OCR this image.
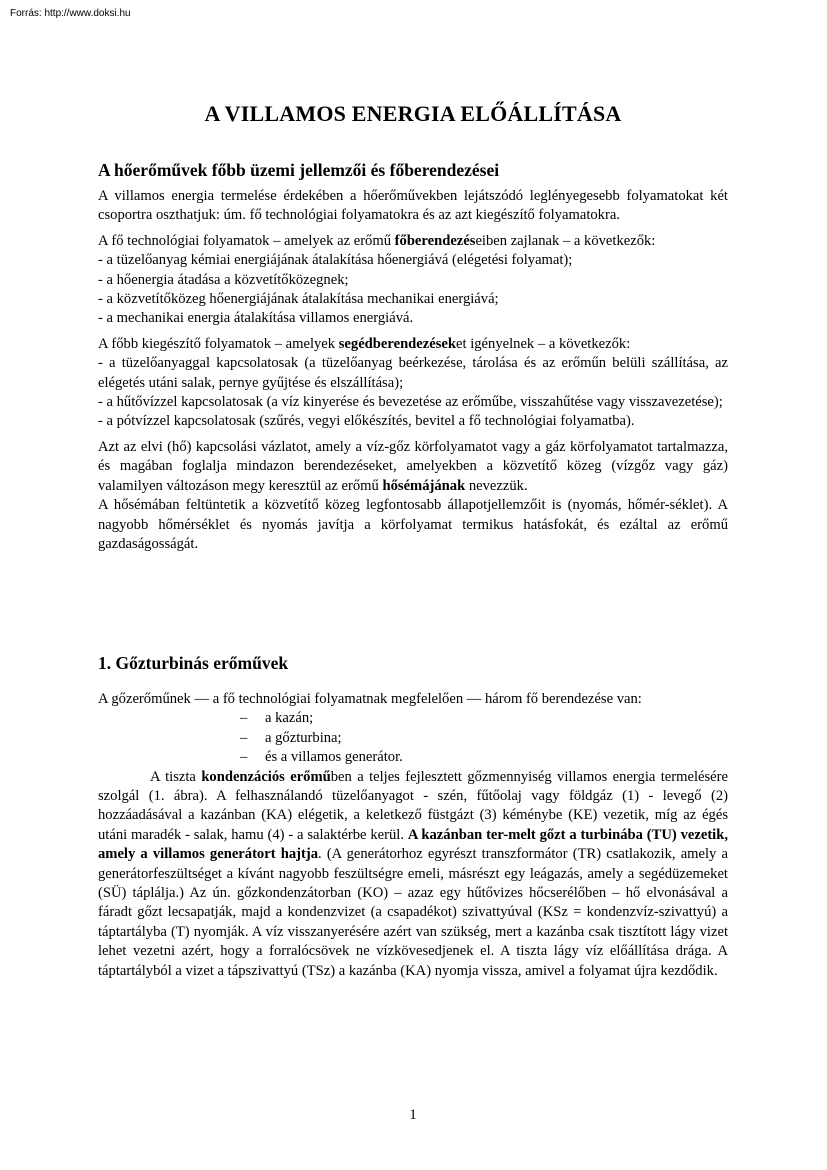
Forrás: http://www.doksi.hu
A VILLAMOS ENERGIA ELŐÁLLÍTÁSA
A hőerőművek főbb üzemi jellemzői és főberendezései

A villamos energia termelése érdekében a hőerőművekben lejátszódó leglényegesebb folyamatokat két csoportra oszthatjuk: úm. fő technológiai folyamatokra és az azt kiegészítő folyamatokra.

A fő technológiai folyamatok – amelyek az erőmű főberendezéseiben zajlanak – a következők:

- a tüzelőanyag kémiai energiájának átalakítása hőenergiává (elégetési folyamat);
- a hőenergia átadása a közvetítőközegnek;
- a közvetítőközeg hőenergiájának átalakítása mechanikai energiává;
- a mechanikai energia átalakítása villamos energiává.

A főbb kiegészítő folyamatok – amelyek segédberendezéseket igényelnek – a következők:

- a tüzelőanyaggal kapcsolatosak (a tüzelőanyag beérkezése, tárolása és az erőműn belüli szállítása, az elégetés utáni salak, pernye gyűjtése és elszállítása);

- a hűtővízzel kapcsolatosak (a víz kinyerése és bevezetése az erőműbe, visszahűtése vagy visszavezetése);

- a pótvízzel kapcsolatosak (szűrés, vegyi előkészítés, bevitel a fő technológiai folyamatba).

Azt az elvi (hő) kapcsolási vázlatot, amely a víz-gőz körfolyamatot vagy a gáz körfolyamatot tartalmazza, és magában foglalja mindazon berendezéseket, amelyekben a közvetítő közeg (vízgőz vagy gáz) valamilyen változáson megy keresztül az erőmű hősémájának nevezzük.

A hősémában feltüntetik a közvetítő közeg legfontosabb állapotjellemzőit is (nyomás, hőmér-séklet). A nagyobb hőmérséklet és nyomás javítja a körfolyamat termikus hatásfokát, és ezáltal az erőmű gazdaságosságát.

1. Gőzturbinás erőművek

A gőzerőműnek — a fő technológiai folyamatnak megfelelően — három fő berendezése van:

– a kazán;
– a gőzturbina;
– és a villamos generátor.

A tiszta kondenzációs erőműben a teljes fejlesztett gőzmennyiség villamos energia termelésére szolgál (1. ábra). A felhasználandó tüzelőanyagot - szén, fűtőolaj vagy földgáz (1) - levegő (2) hozzáadásával a kazánban (KA) elégetik, a keletkező füstgázt (3) kéménybe (KE) vezetik, míg az égés utáni maradék - salak, hamu (4) - a salaktérbe kerül. A kazánban ter-melt gőzt a turbinába (TU) vezetik, amely a villamos generátort hajtja. (A generátorhoz egyrészt transzformátor (TR) csatlakozik, amely a generátorfeszültséget a kívánt nagyobb feszültségre emeli, másrészt egy leágazás, amely a segédüzemeket (SÜ) táplálja.) Az ún. gőzkondenzátorban (KO) – azaz egy hűtővizes hőcserélőben – hő elvonásával a fáradt gőzt lecsapatják, majd a kondenzvizet (a csapadékot) szivattyúval (KSz = kondenzvíz-szivattyú) a táptartályba (T) nyomják. A víz visszanyerésére azért van szükség, mert a kazánba csak tisztított lágy vizet lehet vezetni azért, hogy a forralócsövek ne vízkövesedjenek el. A tiszta lágy víz előállítása drága. A táptartályból a vizet a tápszivattyú (TSz) a kazánba (KA) nyomja vissza, amivel a folyamat újra kezdődik.

1
